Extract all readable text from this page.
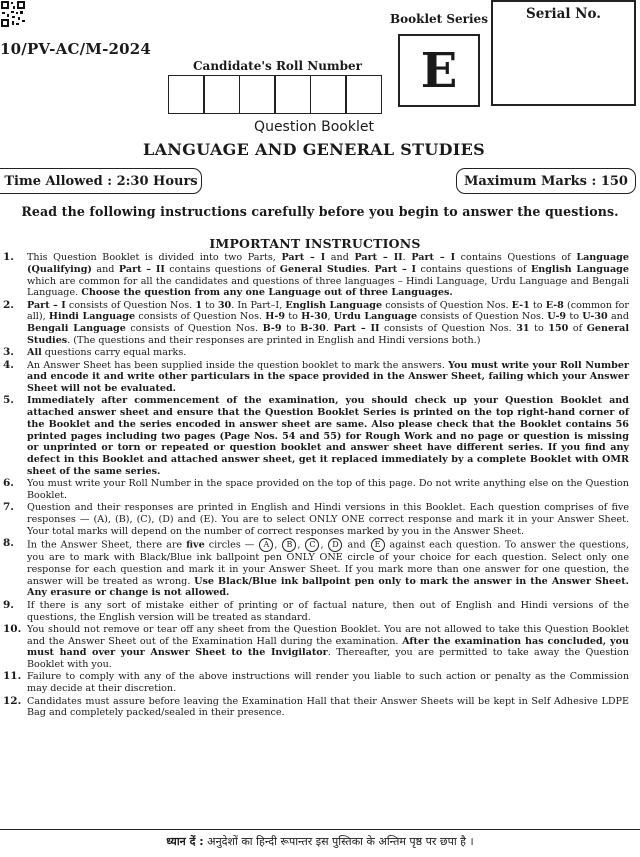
10/PV-AC/M-2024
Candidate's Roll Number
Booklet Series
E
Serial No.
Question Booklet
LANGUAGE AND GENERAL STUDIES
Time Allowed : 2:30 Hours	Maximum Marks : 150
Read the following instructions carefully before you begin to answer the questions.
IMPORTANT INSTRUCTIONS
1.	This Question Booklet is divided into two Parts, Part – I and Part – II. Part – I contains Questions of Language (Qualifying) and Part – II contains questions of General Studies. Part – I contains questions of English Language which are common for all the candidates and questions of three languages – Hindi Language, Urdu Language and Bengali Language. Choose the question from any one Language out of three Languages.
2.	Part – I consists of Question Nos. 1 to 30. In Part–I, English Language consists of Question Nos. E-1 to E-8 (common for all), Hindi Language consists of Question Nos. H-9 to H-30, Urdu Language consists of Question Nos. U-9 to U-30 and Bengali Language consists of Question Nos. B-9 to B-30. Part – II consists of Question Nos. 31 to 150 of General Studies. (The questions and their responses are printed in English and Hindi versions both.)
3.	All questions carry equal marks.
4.	An Answer Sheet has been supplied inside the question booklet to mark the answers. You must write your Roll Number and encode it and write other particulars in the space provided in the Answer Sheet, failing which your Answer Sheet will not be evaluated.
5.	Immediately after commencement of the examination, you should check up your Question Booklet and attached answer sheet and ensure that the Question Booklet Series is printed on the top right-hand corner of the Booklet and the series encoded in answer sheet are same. Also please check that the Booklet contains 56 printed pages including two pages (Page Nos. 54 and 55) for Rough Work and no page or question is missing or unprinted or torn or repeated or question booklet and answer sheet have different series. If you find any defect in this Booklet and attached answer sheet, get it replaced immediately by a complete Booklet with OMR sheet of the same series.
6.	You must write your Roll Number in the space provided on the top of this page. Do not write anything else on the Question Booklet.
7.	Question and their responses are printed in English and Hindi versions in this Booklet. Each question comprises of five responses — (A), (B), (C), (D) and (E). You are to select ONLY ONE correct response and mark it in your Answer Sheet. Your total marks will depend on the number of correct responses marked by you in the Answer Sheet.
8.	In the Answer Sheet, there are five circles — A , B , C , D and E against each question. To answer the questions, you are to mark with Black/Blue ink ballpoint pen ONLY ONE circle of your choice for each question. Select only one response for each question and mark it in your Answer Sheet. If you mark more than one answer for one question, the answer will be treated as wrong. Use Black/Blue ink ballpoint pen only to mark the answer in the Answer Sheet. Any erasure or change is not allowed.
9.	If there is any sort of mistake either of printing or of factual nature, then out of English and Hindi versions of the questions, the English version will be treated as standard.
10. You should not remove or tear off any sheet from the Question Booklet. You are not allowed to take this Question Booklet and the Answer Sheet out of the Examination Hall during the examination. After the examination has concluded, you must hand over your Answer Sheet to the Invigilator. Thereafter, you are permitted to take away the Question Booklet with you.
11. Failure to comply with any of the above instructions will render you liable to such action or penalty as the Commission may decide at their discretion.
12. Candidates must assure before leaving the Examination Hall that their Answer Sheets will be kept in Self Adhesive LDPE Bag and completely packed/sealed in their presence.
ध्यान दें : अनुदेशों का हिन्दी रूपान्तर इस पुस्तिका के अन्तिम पृष्ठ पर छपा है ।
